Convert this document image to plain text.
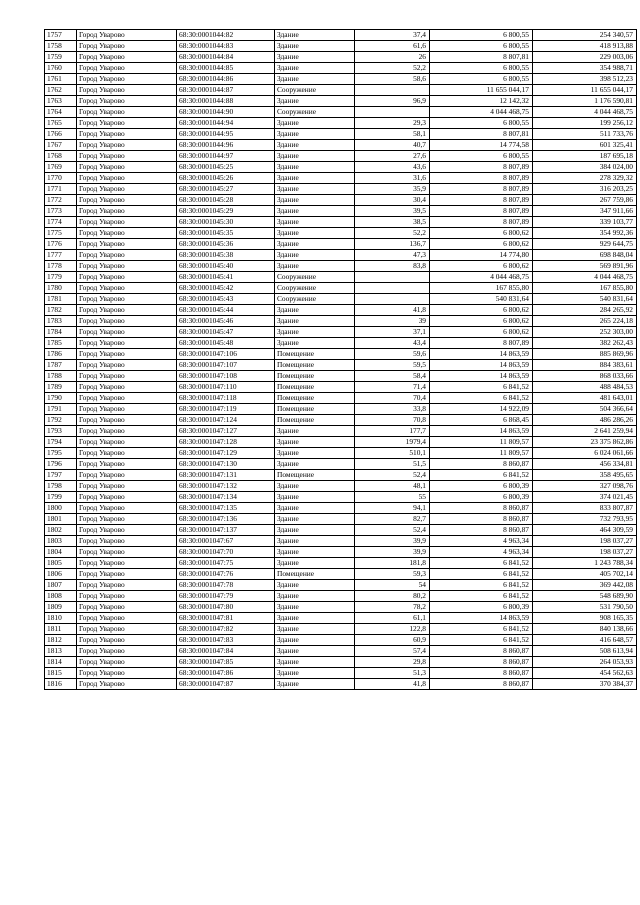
1757	Город Уварово	68:30:0001044:82	Здание	37,4	6 800,55	254 340,57
1758	Город Уварово	68:30:0001044:83	Здание	61,6	6 800,55	418 913,88
1759	Город Уварово	68:30:0001044:84	Здание	26	8 807,81	229 003,06
1760	Город Уварово	68:30:0001044:85	Здание	52,2	6 800,55	354 988,71
1761	Город Уварово	68:30:0001044:86	Здание	58,6	6 800,55	398 512,23
1762	Город Уварово	68:30:0001044:87	Сооружение		11 655 044,17	11 655 044,17
1763	Город Уварово	68:30:0001044:88	Здание	96,9	12 142,32	1 176 590,81
1764	Город Уварово	68:30:0001044:90	Сооружение		4 044 468,75	4 044 468,75
1765	Город Уварово	68:30:0001044:94	Здание	29,3	6 800,55	199 256,12
1766	Город Уварово	68:30:0001044:95	Здание	58,1	8 807,81	511 733,76
1767	Город Уварово	68:30:0001044:96	Здание	40,7	14 774,58	601 325,41
1768	Город Уварово	68:30:0001044:97	Здание	27,6	6 800,55	187 695,18
1769	Город Уварово	68:30:0001045:25	Здание	43,6	8 807,89	384 024,00
1770	Город Уварово	68:30:0001045:26	Здание	31,6	8 807,89	278 329,32
1771	Город Уварово	68:30:0001045:27	Здание	35,9	8 807,89	316 203,25
1772	Город Уварово	68:30:0001045:28	Здание	30,4	8 807,89	267 759,86
1773	Город Уварово	68:30:0001045:29	Здание	39,5	8 807,89	347 911,66
1774	Город Уварово	68:30:0001045:30	Здание	38,5	8 807,89	339 103,77
1775	Город Уварово	68:30:0001045:35	Здание	52,2	6 800,62	354 992,36
1776	Город Уварово	68:30:0001045:36	Здание	136,7	6 800,62	929 644,75
1777	Город Уварово	68:30:0001045:38	Здание	47,3	14 774,80	698 848,04
1778	Город Уварово	68:30:0001045:40	Здание	83,8	6 800,62	569 891,96
1779	Город Уварово	68:30:0001045:41	Сооружение		4 044 468,75	4 044 468,75
1780	Город Уварово	68:30:0001045:42	Сооружение		167 855,80	167 855,80
1781	Город Уварово	68:30:0001045:43	Сооружение		540 831,64	540 831,64
1782	Город Уварово	68:30:0001045:44	Здание	41,8	6 800,62	284 265,92
1783	Город Уварово	68:30:0001045:46	Здание	39	6 800,62	265 224,18
1784	Город Уварово	68:30:0001045:47	Здание	37,1	6 800,62	252 303,00
1785	Город Уварово	68:30:0001045:48	Здание	43,4	8 807,89	382 262,43
1786	Город Уварово	68:30:0001047:106	Помещение	59,6	14 863,59	885 869,96
1787	Город Уварово	68:30:0001047:107	Помещение	59,5	14 863,59	884 383,61
1788	Город Уварово	68:30:0001047:108	Помещение	58,4	14 863,59	868 033,66
1789	Город Уварово	68:30:0001047:110	Помещение	71,4	6 841,52	488 484,53
1790	Город Уварово	68:30:0001047:118	Помещение	70,4	6 841,52	481 643,01
1791	Город Уварово	68:30:0001047:119	Помещение	33,8	14 922,09	504 366,64
1792	Город Уварово	68:30:0001047:124	Помещение	70,8	6 868,45	486 286,26
1793	Город Уварово	68:30:0001047:127	Здание	177,7	14 863,59	2 641 259,94
1794	Город Уварово	68:30:0001047:128	Здание	1979,4	11 809,57	23 375 862,86
1795	Город Уварово	68:30:0001047:129	Здание	510,1	11 809,57	6 024 061,66
1796	Город Уварово	68:30:0001047:130	Здание	51,5	8 860,87	456 334,81
1797	Город Уварово	68:30:0001047:131	Помещение	52,4	6 841,52	358 495,65
1798	Город Уварово	68:30:0001047:132	Здание	48,1	6 800,39	327 098,76
1799	Город Уварово	68:30:0001047:134	Здание	55	6 800,39	374 021,45
1800	Город Уварово	68:30:0001047:135	Здание	94,1	8 860,87	833 807,87
1801	Город Уварово	68:30:0001047:136	Здание	82,7	8 860,87	732 793,95
1802	Город Уварово	68:30:0001047:137	Здание	52,4	8 860,87	464 309,59
1803	Город Уварово	68:30:0001047:67	Здание	39,9	4 963,34	198 037,27
1804	Город Уварово	68:30:0001047:70	Здание	39,9	4 963,34	198 037,27
1805	Город Уварово	68:30:0001047:75	Здание	181,8	6 841,52	1 243 788,34
1806	Город Уварово	68:30:0001047:76	Помещение	59,3	6 841,52	405 702,14
1807	Город Уварово	68:30:0001047:78	Здание	54	6 841,52	369 442,08
1808	Город Уварово	68:30:0001047:79	Здание	80,2	6 841,52	548 689,90
1809	Город Уварово	68:30:0001047:80	Здание	78,2	6 800,39	531 790,50
1810	Город Уварово	68:30:0001047:81	Здание	61,1	14 863,59	908 165,35
1811	Город Уварово	68:30:0001047:82	Здание	122,8	6 841,52	840 138,66
1812	Город Уварово	68:30:0001047:83	Здание	60,9	6 841,52	416 648,57
1813	Город Уварово	68:30:0001047:84	Здание	57,4	8 860,87	508 613,94
1814	Город Уварово	68:30:0001047:85	Здание	29,8	8 860,87	264 053,93
1815	Город Уварово	68:30:0001047:86	Здание	51,3	8 860,87	454 562,63
1816	Город Уварово	68:30:0001047:87	Здание	41,8	8 860,87	370 384,37
